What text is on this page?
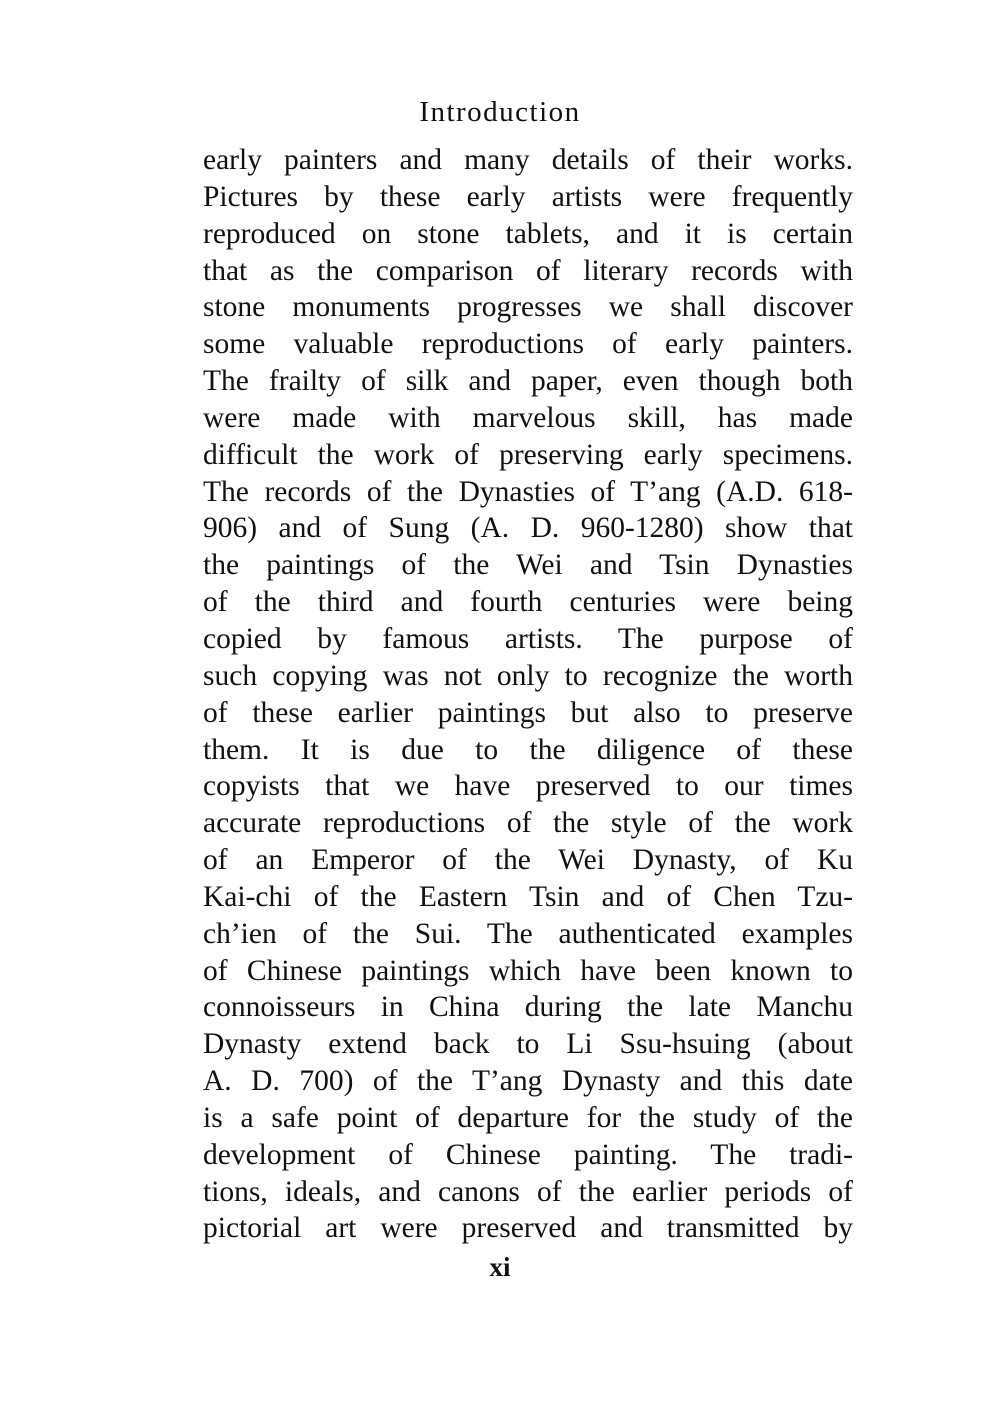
Introduction
early painters and many details of their works.
Pictures by these early artists were frequently
reproduced on stone tablets, and it is certain
that as the comparison of literary records with
stone monuments progresses we shall discover
some valuable reproductions of early painters.
The frailty of silk and paper, even though both
were made with marvelous skill, has made
difficult the work of preserving early specimens.
The records of the Dynasties of T’ang (A.D. 618-
906) and of Sung (A. D. 960-1280) show that
the paintings of the Wei and Tsin Dynasties
of the third and fourth centuries were being
copied by famous artists. The purpose of
such copying was not only to recognize the worth
of these earlier paintings but also to preserve
them. It is due to the diligence of these
copyists that we have preserved to our times
accurate reproductions of the style of the work
of an Emperor of the Wei Dynasty, of Ku
Kai-chi of the Eastern Tsin and of Chen Tzu-
ch’ien of the Sui. The authenticated examples
of Chinese paintings which have been known to
connoisseurs in China during the late Manchu
Dynasty extend back to Li Ssu-hsuing (about
A. D. 700) of the T’ang Dynasty and this date
is a safe point of departure for the study of the
development of Chinese painting. The tradi-
tions, ideals, and canons of the earlier periods of
pictorial art were preserved and transmitted by
xi
